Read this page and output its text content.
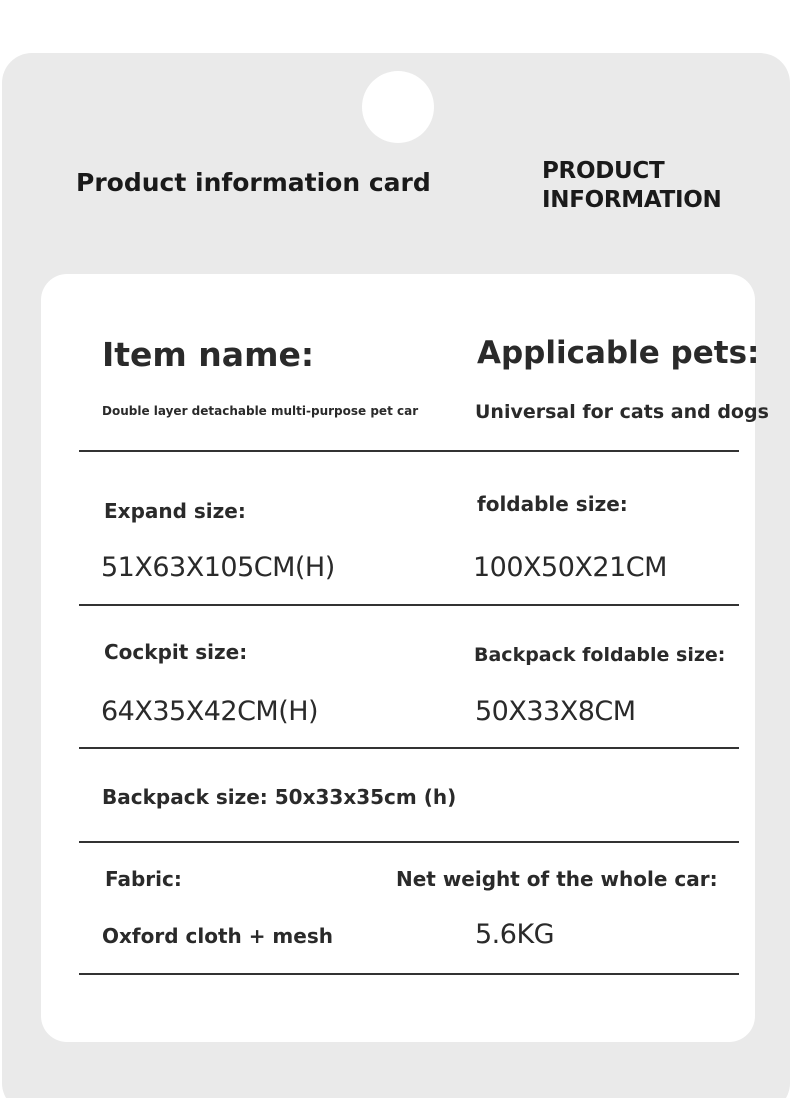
Product information card	PRODUCT
INFORMATION
Item name:
Double layer detachable multi-purpose pet car
Applicable pets:
Universal for cats and dogs
Expand size:
51X63X105CM(H)
foldable size:
100X50X21CM
Cockpit size:
64X35X42CM(H)
Backpack foldable size:
50X33X8CM
Backpack size: 50x33x35cm (h)
Fabric:
Oxford cloth + mesh
Net weight of the whole car:
5.6KG
